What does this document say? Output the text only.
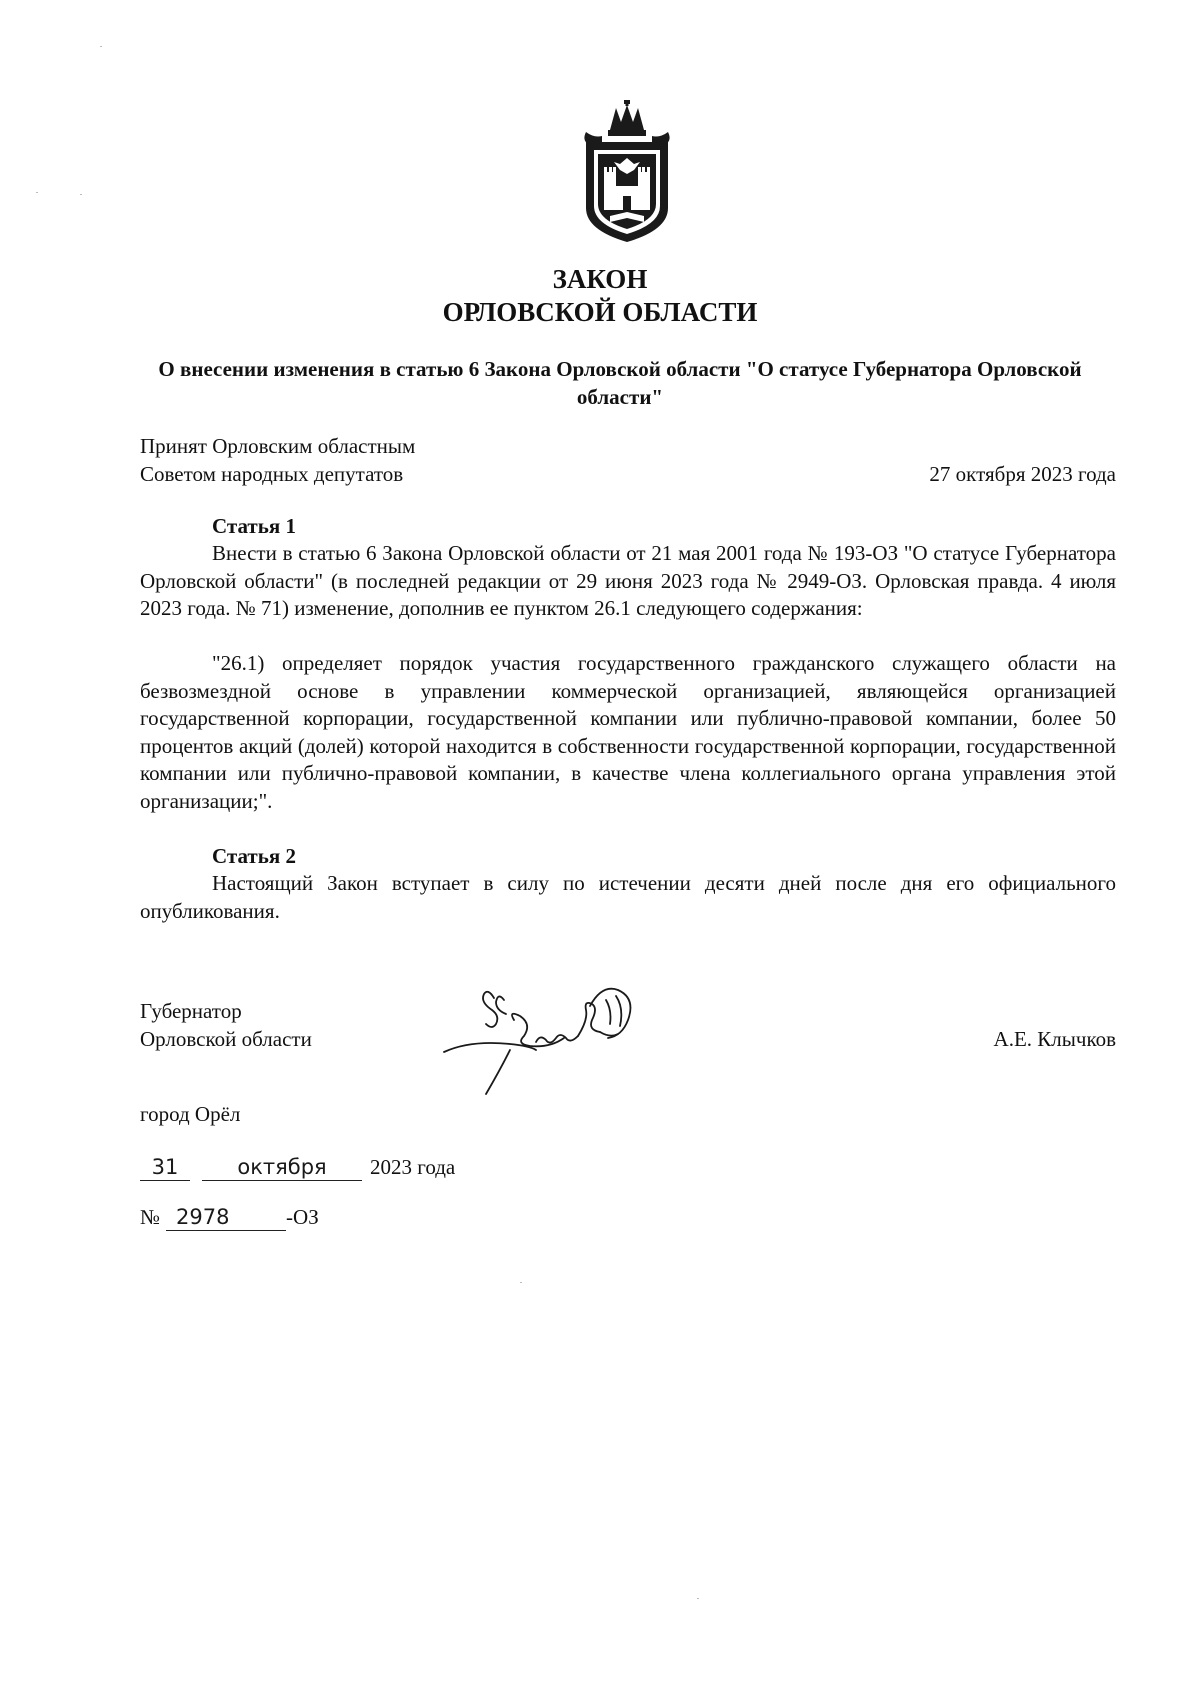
ЗАКОН
ОРЛОВСКОЙ ОБЛАСТИ
О внесении изменения в статью 6 Закона Орловской области "О статусе Губернатора Орловской области"
Принят Орловским областным
Советом народных депутатов	27 октября 2023 года
Статья 1

Внести в статью 6 Закона Орловской области от 21 мая 2001 года № 193-ОЗ "О статусе Губернатора Орловской области" (в последней редакции от 29 июня 2023 года № 2949-ОЗ. Орловская правда. 4 июля 2023 года. № 71) изменение, дополнив ее пунктом 26.1 следующего содержания:

"26.1) определяет порядок участия государственного гражданского служащего области на безвозмездной основе в управлении коммерческой организацией, являющейся организацией государственной корпорации, государственной компании или публично-правовой компании, более 50 процентов акций (долей) которой находится в собственности государственной корпорации, государственной компании или публично-правовой компании, в качестве члена коллегиального органа управления этой организации;".

Статья 2

Настоящий Закон вступает в силу по истечении десяти дней после дня его официального опубликования.

Губернатор
Орловской области	А.Е. Клычков
город Орёл
31	октября 2023 года
№ 2978	-ОЗ
